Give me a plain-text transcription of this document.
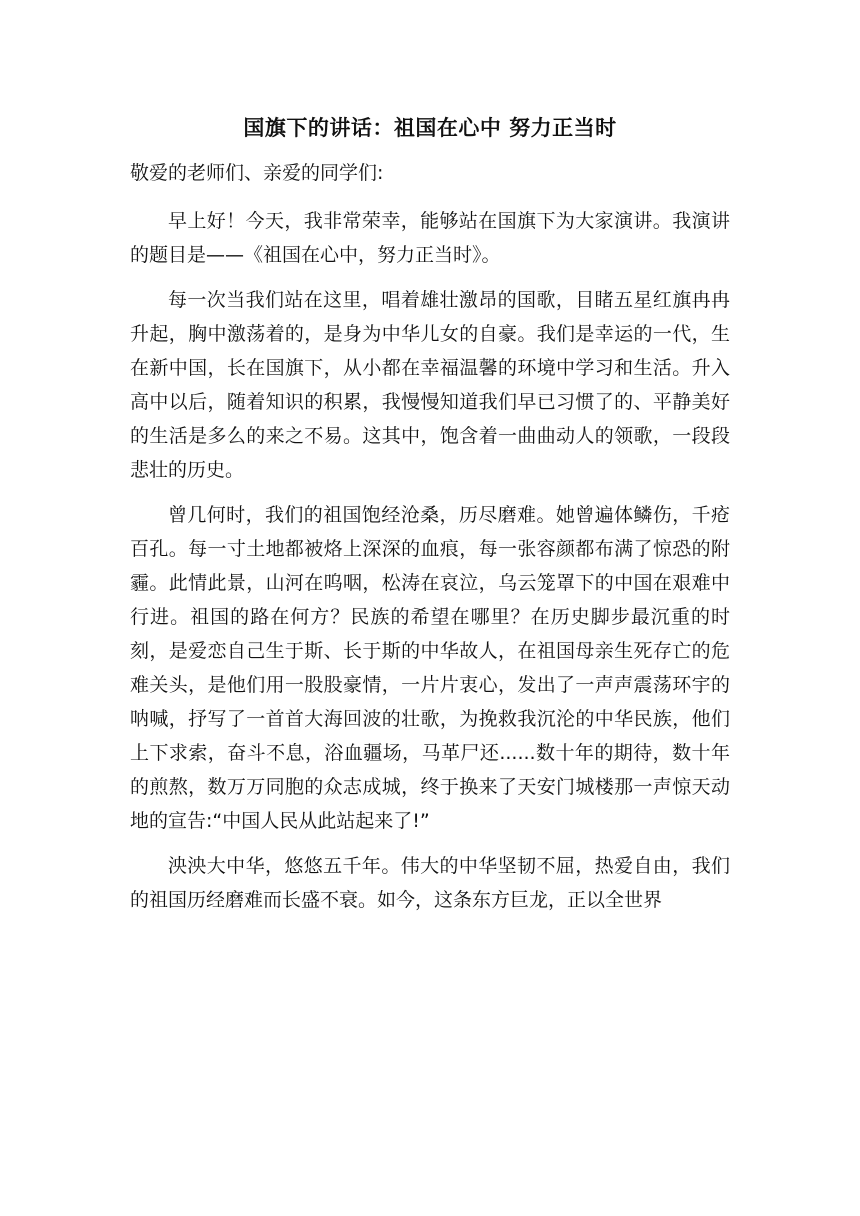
国旗下的讲话：祖国在心中 努力正当时

敬爱的老师们、亲爱的同学们:

早上好！今天，我非常荣幸，能够站在国旗下为大家演讲。我演讲的题目是——《祖国在心中，努力正当时》。

每一次当我们站在这里，唱着雄壮激昂的国歌，目睹五星红旗冉冉升起，胸中激荡着的，是身为中华儿女的自豪。我们是幸运的一代，生在新中国，长在国旗下，从小都在幸福温馨的环境中学习和生活。升入高中以后，随着知识的积累，我慢慢知道我们早已习惯了的、平静美好的生活是多么的来之不易。这其中，饱含着一曲曲动人的领歌，一段段悲壮的历史。

曾几何时，我们的祖国饱经沧桑，历尽磨难。她曾遍体鳞伤，千疮百孔。每一寸土地都被烙上深深的血痕，每一张容颜都布满了惊恐的附霾。此情此景，山河在呜咽，松涛在哀泣，乌云笼罩下的中国在艰难中行进。祖国的路在何方？民族的希望在哪里？在历史脚步最沉重的时刻，是爱恋自己生于斯、长于斯的中华故人，在祖国母亲生死存亡的危难关头，是他们用一股股豪情，一片片衷心，发出了一声声震荡环宇的呐喊，抒写了一首首大海回波的壮歌，为挽救我沉沦的中华民族，他们上下求索，奋斗不息，浴血疆场，马革尸还......数十年的期待，数十年的煎熬，数万万同胞的众志成城，终于换来了天安门城楼那一声惊天动地的宣告:“中国人民从此站起来了!”

泱泱大中华，悠悠五千年。伟大的中华坚韧不屈，热爱自由，我们的祖国历经磨难而长盛不衰。如今，这条东方巨龙，正以全世界
